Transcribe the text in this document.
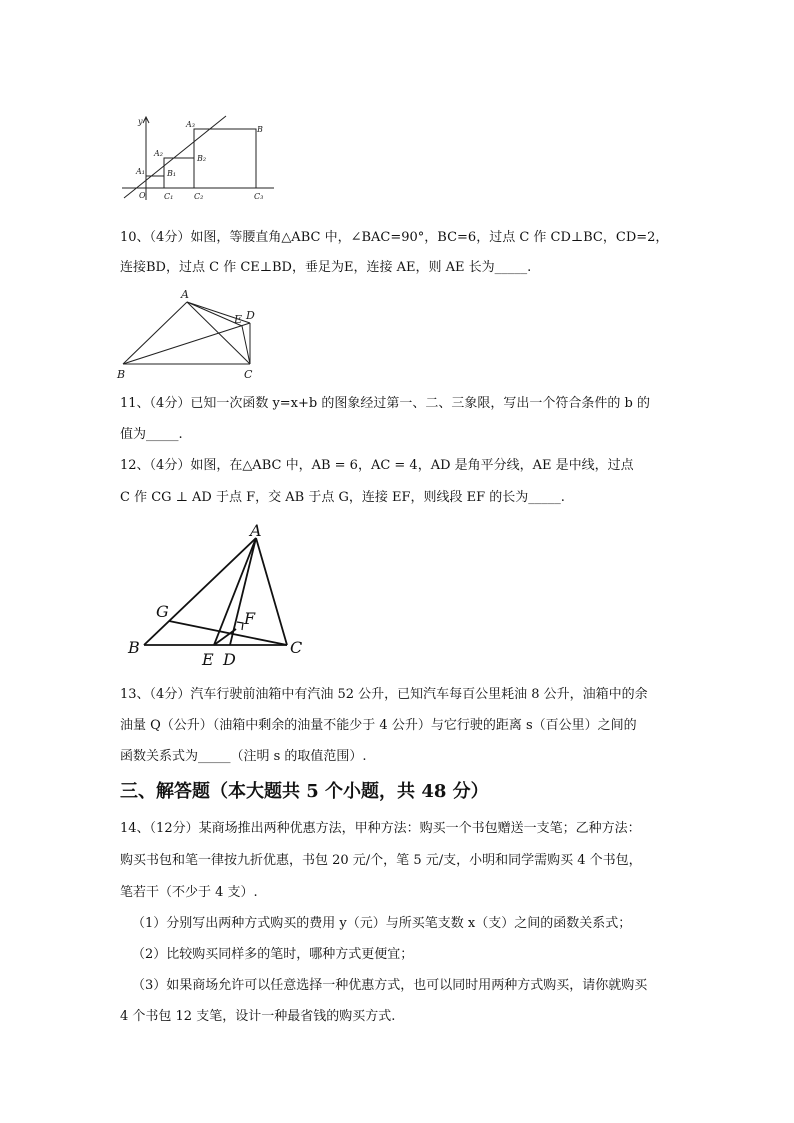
y
O
A₁
A₂
A₃
B
B₁
B₂
C₁	C₂	C₃
10、（4分）如图，等腰直角△ABC 中，∠BAC=90°，BC=6，过点 C 作 CD⊥BC，CD=2，
连接BD，过点 C 作 CE⊥BD，垂足为E，连接 AE，则 AE 长为_____.
A
B	C
D
E
11、（4分）已知一次函数 y=x+b 的图象经过第一、二、三象限，写出一个符合条件的 b 的
值为_____.
12、（4分）如图，在△ABC 中，AB = 6，AC = 4，AD 是角平分线，AE 是中线，过点
C 作 CG ⊥ AD 于点 F，交 AB 于点 G，连接 EF，则线段 EF 的长为_____.
A
B	C
D
E
F
G
13、（4分）汽车行驶前油箱中有汽油 52 公升，已知汽车每百公里耗油 8 公升，油箱中的余
油量 Q（公升）（油箱中剩余的油量不能少于 4 公升）与它行驶的距离 s（百公里）之间的
函数关系式为_____（注明 s 的取值范围）.
三、解答题（本大题共 5 个小题，共 48 分）
14、（12分）某商场推出两种优惠方法，甲种方法：购买一个书包赠送一支笔；乙种方法：
购买书包和笔一律按九折优惠，书包 20 元/个，笔 5 元/支，小明和同学需购买 4 个书包，
笔若干（不少于 4 支）.
（1）分别写出两种方式购买的费用 y（元）与所买笔支数 x（支）之间的函数关系式；
（2）比较购买同样多的笔时，哪种方式更便宜；
（3）如果商场允许可以任意选择一种优惠方式，也可以同时用两种方式购买，请你就购买
4 个书包 12 支笔，设计一种最省钱的购买方式.
